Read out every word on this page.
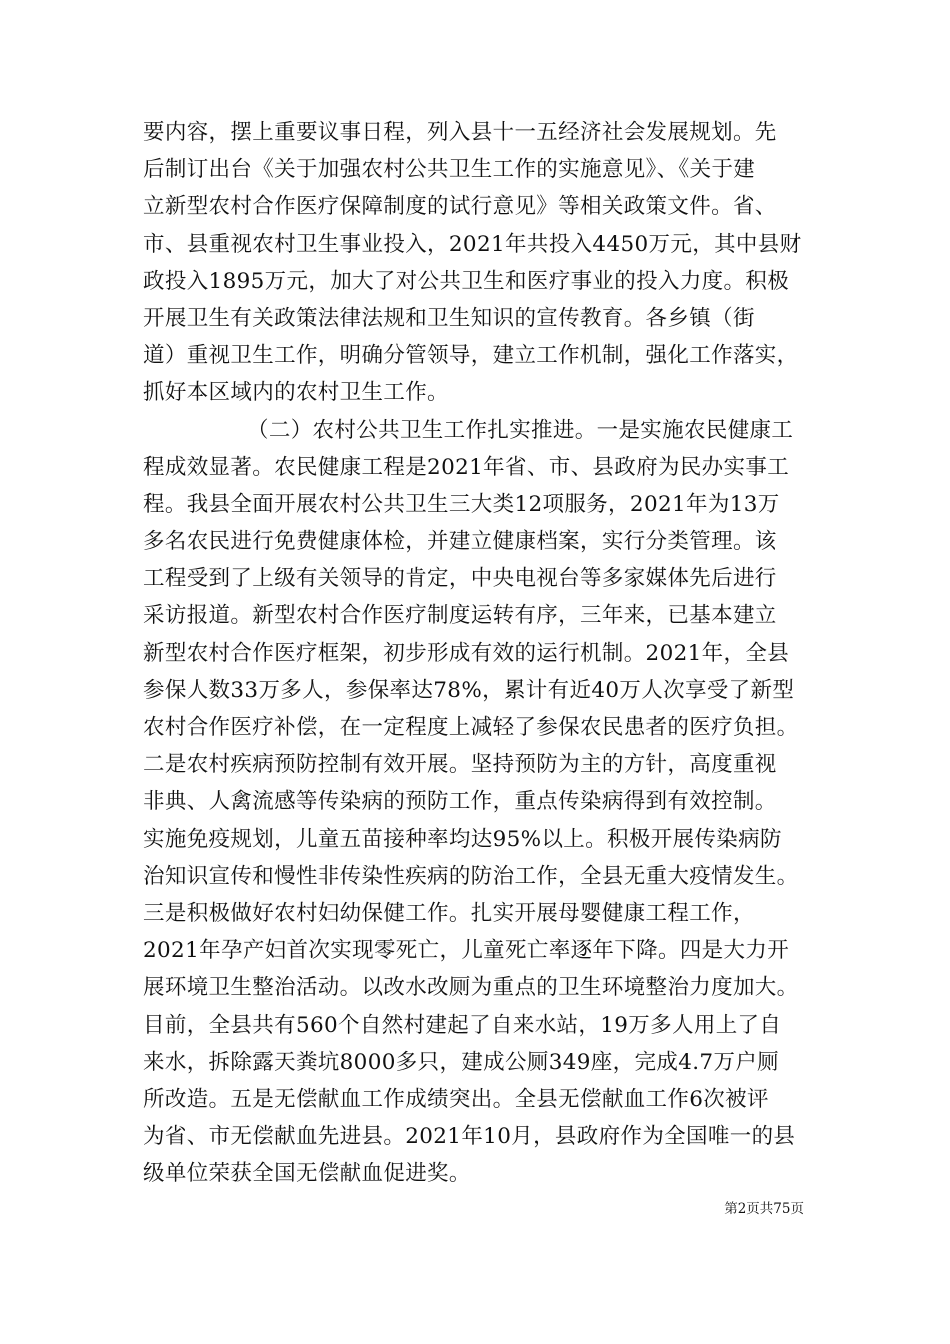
要内容，摆上重要议事日程，列入县十一五经济社会发展规划。先
后制订出台《关于加强农村公共卫生工作的实施意见》、《关于建
立新型农村合作医疗保障制度的试行意见》等相关政策文件。省、
市、县重视农村卫生事业投入，2021年共投入4450万元，其中县财
政投入1895万元，加大了对公共卫生和医疗事业的投入力度。积极
开展卫生有关政策法律法规和卫生知识的宣传教育。各乡镇（街
道）重视卫生工作，明确分管领导，建立工作机制，强化工作落实，
抓好本区域内的农村卫生工作。
（二）农村公共卫生工作扎实推进。一是实施农民健康工
程成效显著。农民健康工程是2021年省、市、县政府为民办实事工
程。我县全面开展农村公共卫生三大类12项服务，2021年为13万
多名农民进行免费健康体检，并建立健康档案，实行分类管理。该
工程受到了上级有关领导的肯定，中央电视台等多家媒体先后进行
采访报道。新型农村合作医疗制度运转有序，三年来，已基本建立
新型农村合作医疗框架，初步形成有效的运行机制。2021年，全县
参保人数33万多人，参保率达78%，累计有近40万人次享受了新型
农村合作医疗补偿，在一定程度上减轻了参保农民患者的医疗负担。
二是农村疾病预防控制有效开展。坚持预防为主的方针，高度重视
非典、人禽流感等传染病的预防工作，重点传染病得到有效控制。
实施免疫规划，儿童五苗接种率均达95%以上。积极开展传染病防
治知识宣传和慢性非传染性疾病的防治工作，全县无重大疫情发生。
三是积极做好农村妇幼保健工作。扎实开展母婴健康工程工作，
2021年孕产妇首次实现零死亡，儿童死亡率逐年下降。四是大力开
展环境卫生整治活动。以改水改厕为重点的卫生环境整治力度加大。
目前，全县共有560个自然村建起了自来水站，19万多人用上了自
来水，拆除露天粪坑8000多只，建成公厕349座，完成4.7万户厕
所改造。五是无偿献血工作成绩突出。全县无偿献血工作6次被评
为省、市无偿献血先进县。2021年10月，县政府作为全国唯一的县
级单位荣获全国无偿献血促进奖。
第2页共75页
